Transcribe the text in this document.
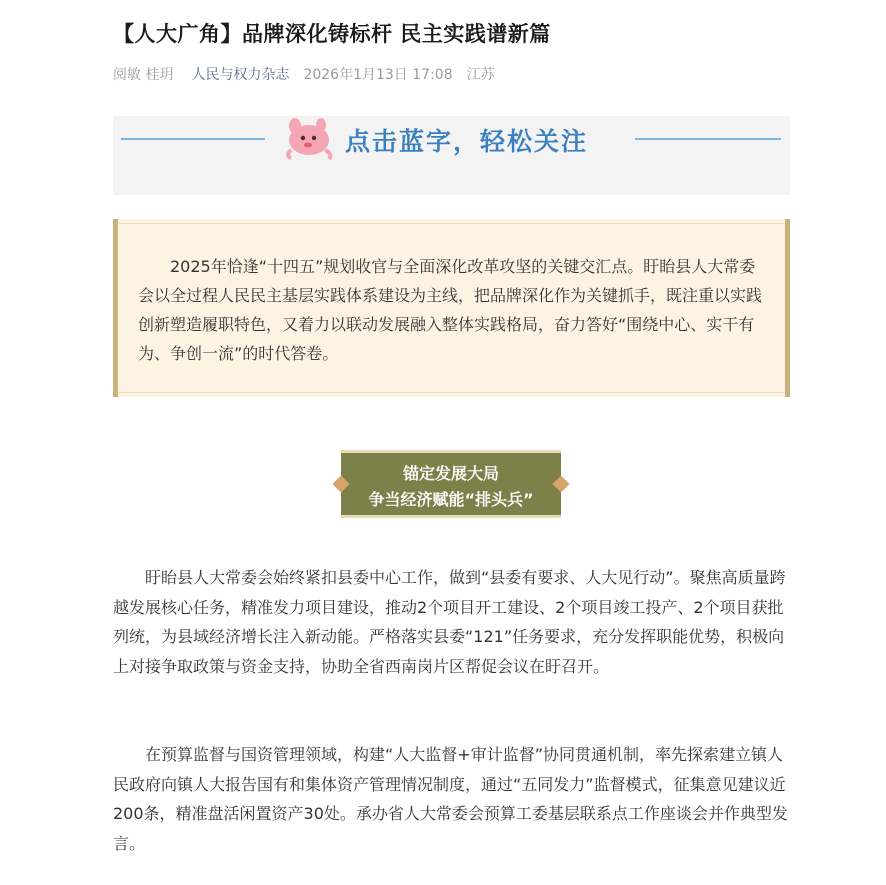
【人大广角】品牌深化铸标杆 民主实践谱新篇
阅敏 桂玥 人民与权力杂志 2026年1月13日 17:08 江苏
点击蓝字，轻松关注

2025年恰逢“十四五”规划收官与全面深化改革攻坚的关键交汇点。盱眙县人大常委会以全过程人民民主基层实践体系建设为主线，把品牌深化作为关键抓手，既注重以实践创新塑造履职特色，又着力以联动发展融入整体实践格局，奋力答好“围绕中心、实干有为、争创一流”的时代答卷。

锚定发展大局
争当经济赋能“排头兵”

盱眙县人大常委会始终紧扣县委中心工作，做到“县委有要求、人大见行动”。聚焦高质量跨越发展核心任务，精准发力项目建设，推动2个项目开工建设、2个项目竣工投产、2个项目获批列统，为县域经济增长注入新动能。严格落实县委“121”任务要求，充分发挥职能优势，积极向上对接争取政策与资金支持，协助全省西南岗片区帮促会议在盱召开。

在预算监督与国资管理领域，构建“人大监督+审计监督”协同贯通机制，率先探索建立镇人民政府向镇人大报告国有和集体资产管理情况制度，通过“五同发力”监督模式，征集意见建议近200条，精准盘活闲置资产30处。承办省人大常委会预算工委基层联系点工作座谈会并作典型发言。
